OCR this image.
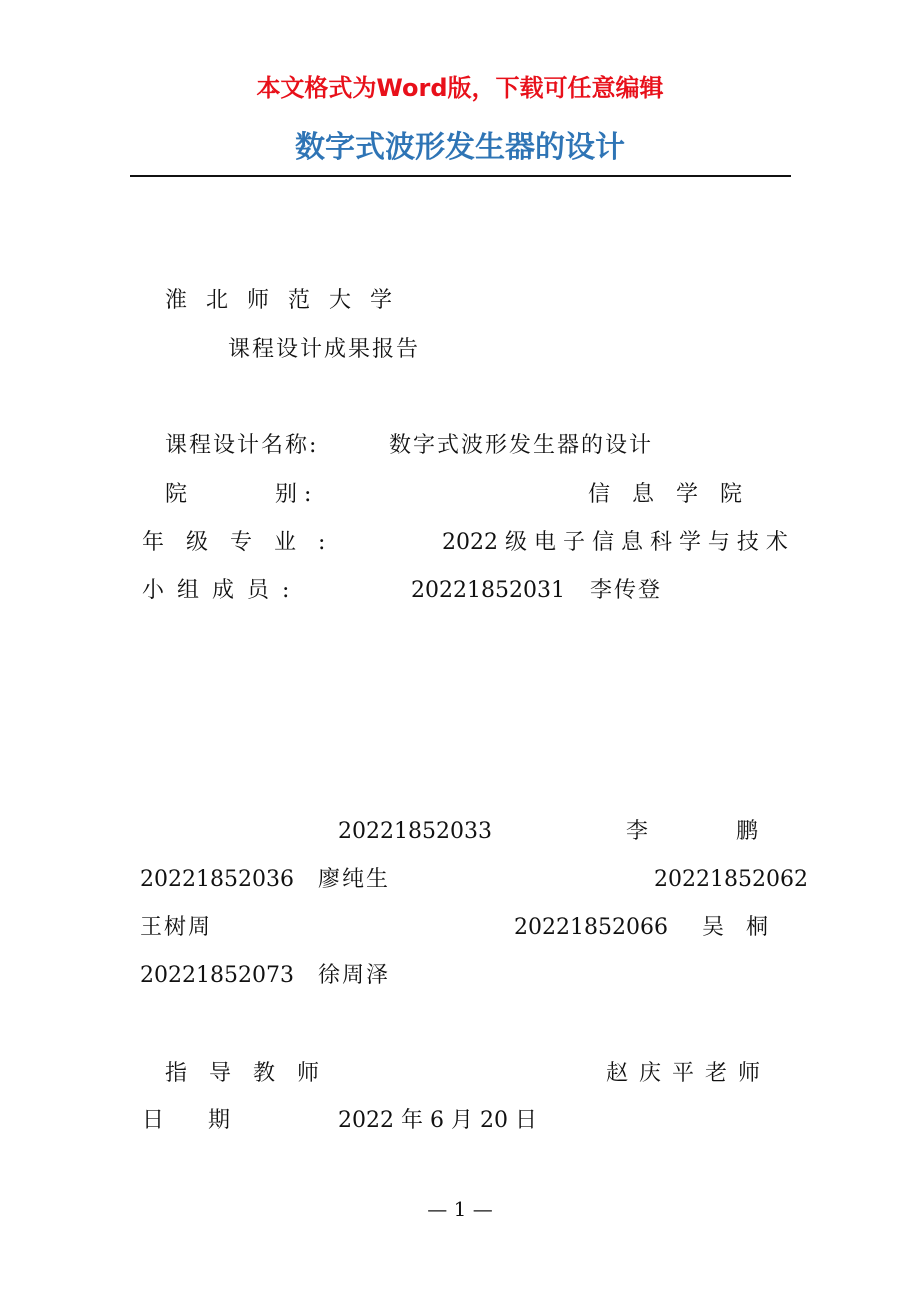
本文格式为Word版，下载可任意编辑
数字式波形发生器的设计
淮 北 师 范 大 学
课程设计成果报告
课程设计名称:	数字式波形发生器的设计
院　　　　别 :	信　息　学　院
年　级　专　业　:	2022 级 电 子 信 息 科 学 与 技 术
小 组 成 员 :	20221852031 李传登
20221852033	李　　　　鹏
20221852036 廖纯生	20221852062
王树周	20221852066 吴　桐
20221852073 徐周泽
指　导　教　师	赵 庆 平 老 师
日　　期	2022 年 6 月 20 日
— 1 —
